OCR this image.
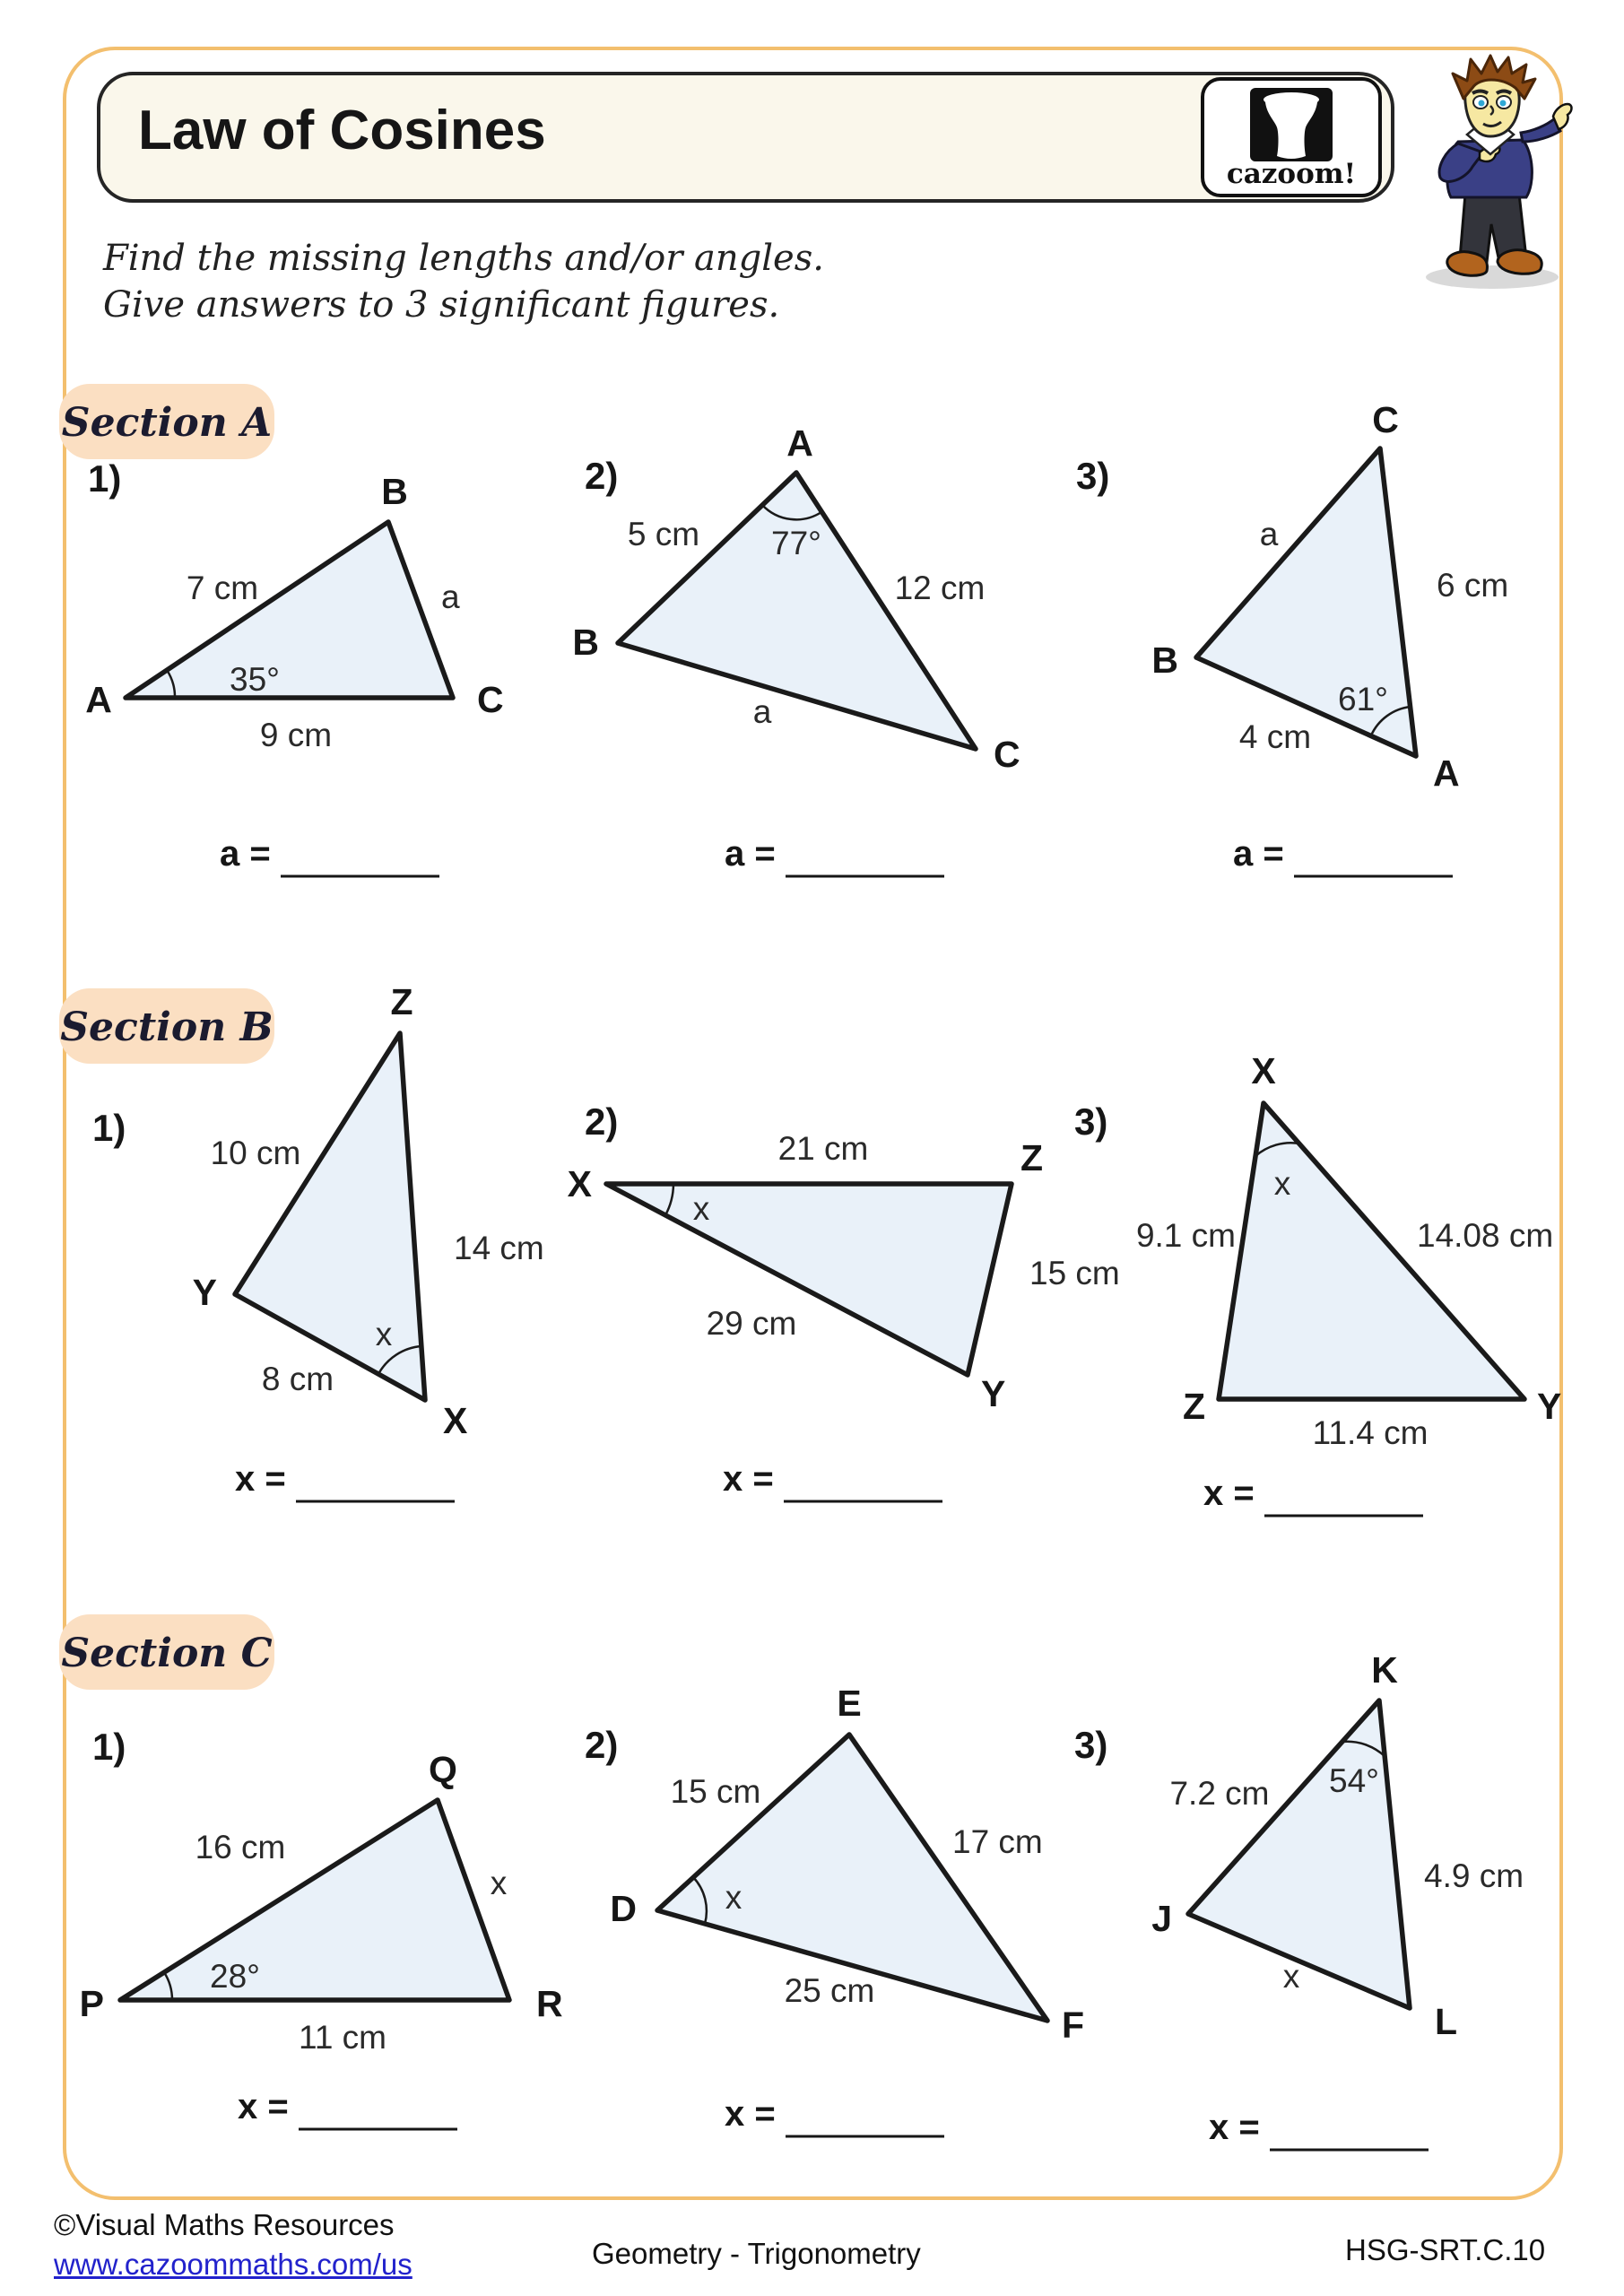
Law of Cosines
cazoom!
Find the missing lengths and/or angles.
Give answers to 3 significant figures.
Section A
Section B
Section C
1)
7 cm	a
9 cm
35°
A
B
C
a =
2)
5 cm
12 cm
a
77°
A
B
C
a =
3)
a
6 cm
4 cm
61°
C
B
A
a =
1)
10 cm
14 cm
8 cm
x
Z
Y
X
x =
2)
21 cm
15 cm
29 cm
x
X
Z
Y
x =
3)
9.1 cm	14.08 cm
11.4 cm
x
X
Z	Y
x =
1)
16 cm
x
11 cm
28°
P
Q
R
x =
2)
15 cm
17 cm
25 cm
x
E
D
F
x =
3)
7.2 cm
4.9 cm
x
54°
K
J
L
x =
©Visual Maths Resources
www.cazoommaths.com/us	Geometry - Trigonometry	HSG-SRT.C.10
